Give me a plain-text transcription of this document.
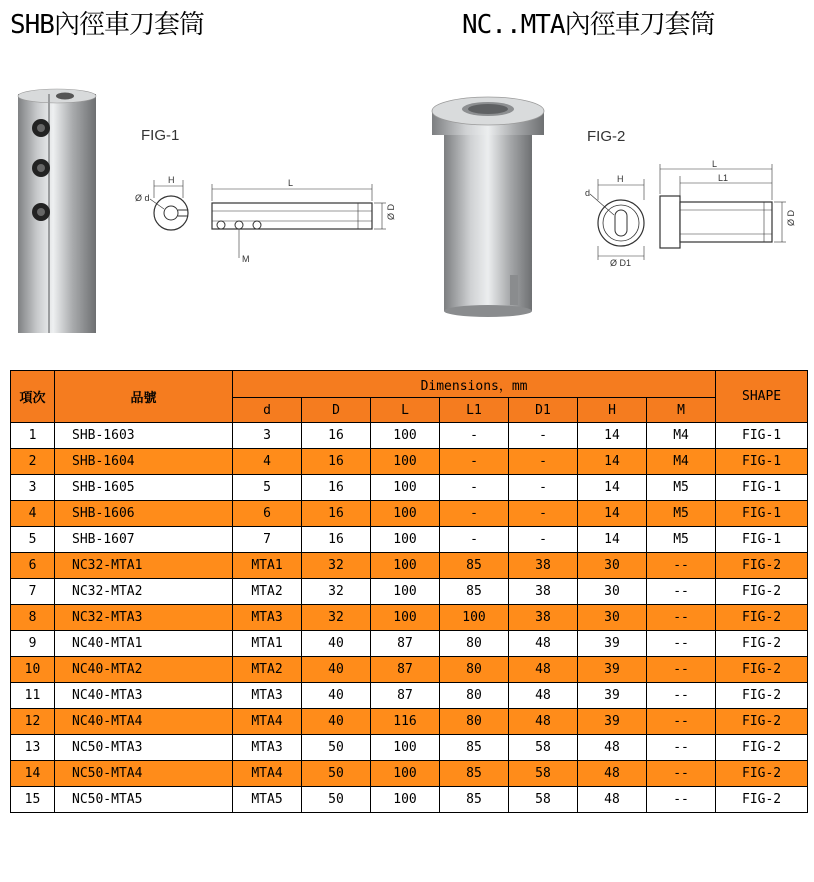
SHB內徑車刀套筒	NC..MTA內徑車刀套筒
FIG-1
H
Ø d
L
Ø D
M
FIG-2
H
d
Ø D1
L
L1
Ø D
項次	品號	Dimensions，mm							SHAPE
		d	D	L	L1	D1	H	M	
1	SHB-1603	3	16	100	-	-	14	M4	FIG-1
2	SHB-1604	4	16	100	-	-	14	M4	FIG-1
3	SHB-1605	5	16	100	-	-	14	M5	FIG-1
4	SHB-1606	6	16	100	-	-	14	M5	FIG-1
5	SHB-1607	7	16	100	-	-	14	M5	FIG-1
6	NC32-MTA1	MTA1	32	100	85	38	30	--	FIG-2
7	NC32-MTA2	MTA2	32	100	85	38	30	--	FIG-2
8	NC32-MTA3	MTA3	32	100	100	38	30	--	FIG-2
9	NC40-MTA1	MTA1	40	87	80	48	39	--	FIG-2
10	NC40-MTA2	MTA2	40	87	80	48	39	--	FIG-2
11	NC40-MTA3	MTA3	40	87	80	48	39	--	FIG-2
12	NC40-MTA4	MTA4	40	116	80	48	39	--	FIG-2
13	NC50-MTA3	MTA3	50	100	85	58	48	--	FIG-2
14	NC50-MTA4	MTA4	50	100	85	58	48	--	FIG-2
15	NC50-MTA5	MTA5	50	100	85	58	48	--	FIG-2
